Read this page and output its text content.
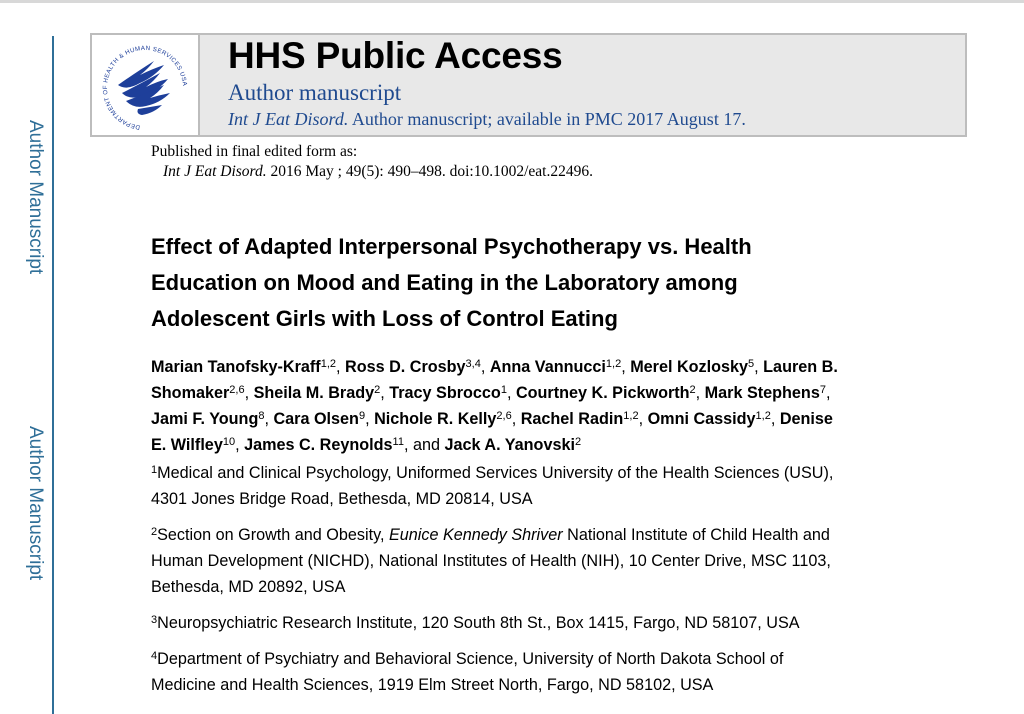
Author Manuscript
Author Manuscript
DEPARTMENT OF HEALTH & HUMAN SERVICES USA
HHS Public Access
Author manuscript
Int J Eat Disord. Author manuscript; available in PMC 2017 August 17.
Published in final edited form as:
Int J Eat Disord. 2016 May ; 49(5): 490–498. doi:10.1002/eat.22496.
Effect of Adapted Interpersonal Psychotherapy vs. Health
Education on Mood and Eating in the Laboratory among
Adolescent Girls with Loss of Control Eating
Marian Tanofsky-Kraff$^{1,2}$, Ross D. Crosby$^{3,4}$, Anna Vannucci$^{1,2}$, Merel Kozlosky$^5$, Lauren B.
Shomaker$^{2,6}$, Sheila M. Brady$^2$, Tracy Sbrocco$^1$, Courtney K. Pickworth$^2$, Mark Stephens$^7$,
Jami F. Young$^8$, Cara Olsen$^9$, Nichole R. Kelly$^{2,6}$, Rachel Radin$^{1,2}$, Omni Cassidy$^{1,2}$, Denise
E. Wilfley$^{10}$, James C. Reynolds$^{11}$, and Jack A. Yanovski$^2$
$^1$Medical and Clinical Psychology, Uniformed Services University of the Health Sciences (USU),
4301 Jones Bridge Road, Bethesda, MD 20814, USA
$^2$Section on Growth and Obesity, Eunice Kennedy Shriver National Institute of Child Health and
Human Development (NICHD), National Institutes of Health (NIH), 10 Center Drive, MSC 1103,
Bethesda, MD 20892, USA
$^3$Neuropsychiatric Research Institute, 120 South 8th St., Box 1415, Fargo, ND 58107, USA
$^4$Department of Psychiatry and Behavioral Science, University of North Dakota School of
Medicine and Health Sciences, 1919 Elm Street North, Fargo, ND 58102, USA
